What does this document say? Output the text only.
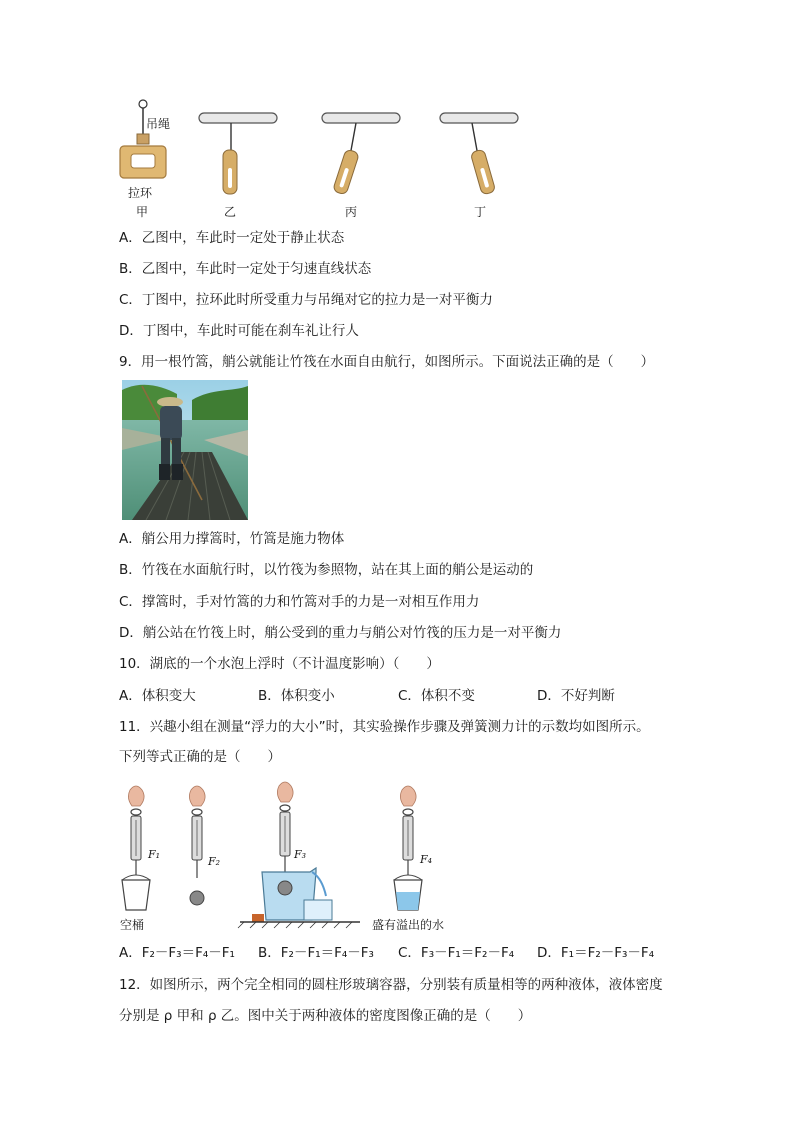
吊绳
拉环
甲	乙	丙	丁
A．乙图中，车此时一定处于静止状态
B．乙图中，车此时一定处于匀速直线状态
C．丁图中，拉环此时所受重力与吊绳对它的拉力是一对平衡力
D．丁图中，车此时可能在刹车礼让行人
9．用一根竹篙，艄公就能让竹筏在水面自由航行，如图所示。下面说法正确的是（　　）
A．艄公用力撑篙时，竹篙是施力物体
B．竹筏在水面航行时，以竹筏为参照物，站在其上面的艄公是运动的
C．撑篙时，手对竹篙的力和竹篙对手的力是一对相互作用力
D．艄公站在竹筏上时，艄公受到的重力与艄公对竹筏的压力是一对平衡力
10．湖底的一个水泡上浮时（不计温度影响）（　　）
A．体积变大	B．体积变小	C．体积不变	D．不好判断
11．兴趣小组在测量“浮力的大小”时，其实验操作步骤及弹簧测力计的示数均如图所示。
下列等式正确的是（　　）
F₁
F₂
F₃	F₄
空桶	盛有溢出的水
A．F₂－F₃＝F₄－F₁ B．F₂－F₁＝F₄－F₃ C．F₃－F₁＝F₂－F₄ D．F₁＝F₂－F₃－F₄
12．如图所示，两个完全相同的圆柱形玻璃容器，分别装有质量相等的两种液体，液体密度
分别是 ρ 甲和 ρ 乙。图中关于两种液体的密度图像正确的是（　　）
